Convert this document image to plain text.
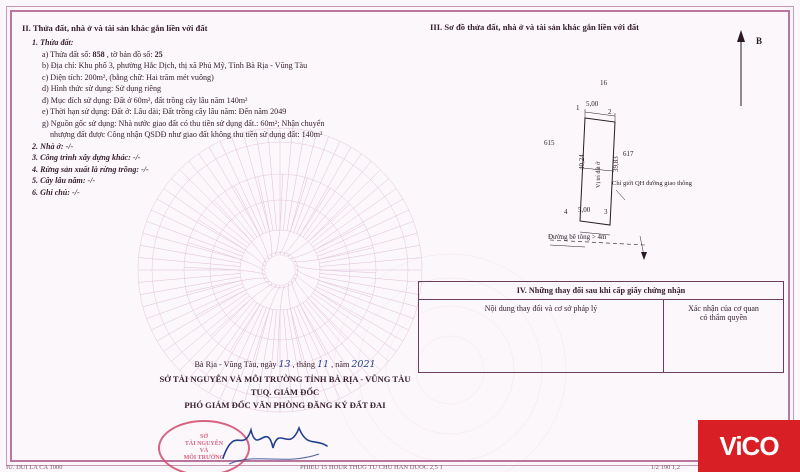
II. Thửa đất, nhà ở và tài sản khác gắn liền với đất
1. Thửa đất:
a) Thửa đất số: 858 , tờ bản đồ số: 25
b) Địa chỉ: Khu phố 3, phường Hắc Dịch, thị xã Phú Mỹ, Tỉnh Bà Rịa - Vũng Tàu
c) Diện tích: 200m², (bằng chữ: Hai trăm mét vuông)
d) Hình thức sử dụng: Sử dụng riêng
đ) Mục đích sử dụng: Đất ở 60m², đất trồng cây lâu năm 140m²
e) Thời hạn sử dụng: Đất ở: Lâu dài; Đất trồng cây lâu năm: Đến năm 2049
g) Nguồn gốc sử dụng: Nhà nước giao đất có thu tiền sử dụng đất.: 60m²; Nhận chuyển
nhượng đất được Công nhận QSDĐ như giao đất không thu tiền sử dụng đất: 140m²
2. Nhà ở: -/-
3. Công trình xây dựng khác: -/-
4. Rừng sản xuất là rừng trồng: -/-
5. Cây lâu năm: -/-
6. Ghi chú: -/-
III. Sơ đồ thửa đất, nhà ở và tài sản khác gắn liền với đất
B
16
5,00
1	2
615
617
40,24	39,83
Vị trí đất ở
4 5,00 3
Chỉ giới QH đường giao thông
Đường bê tông > 4m
IV. Những thay đổi sau khi cấp giấy chứng nhận
Nội dung thay đổi và cơ sở pháp lý	Xác nhận của cơ quan
có thẩm quyền
Bà Rịa - Vũng Tàu, ngày 13 , tháng 11 , năm 2021
SỞ TÀI NGUYÊN VÀ MÔI TRƯỜNG TỈNH BÀ RỊA - VŨNG TÀU
TUQ. GIÁM ĐỐC
PHÓ GIÁM ĐỐC VĂN PHÒNG ĐĂNG KÝ ĐẤT ĐAI
SỞ
TÀI NGUYÊN
VÀ
MÔI TRƯỜNG
IU. DUI LA CA 1000	PHIEU 15 HOUR THUG TU CHU HAN DUOC 2,5 1	1/2 190 1,2
ViCO
